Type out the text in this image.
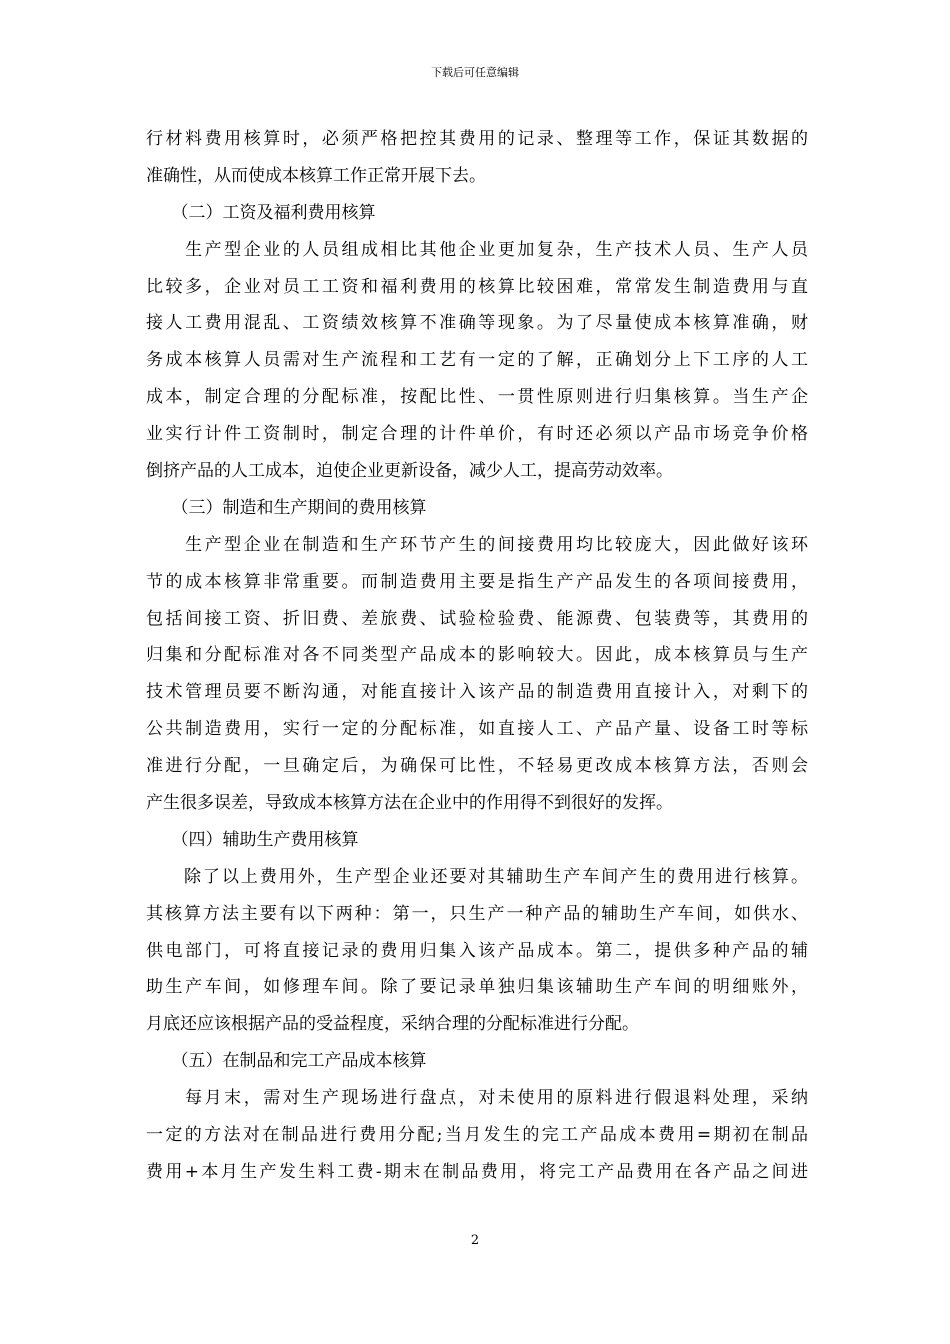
下载后可任意编辑
行材料费用核算时，必须严格把控其费用的记录、整理等工作，保证其数据的
准确性，从而使成本核算工作正常开展下去。
　　（二）工资及福利费用核算
　　生产型企业的人员组成相比其他企业更加复杂，生产技术人员、生产人员
比较多，企业对员工工资和福利费用的核算比较困难，常常发生制造费用与直
接人工费用混乱、工资绩效核算不准确等现象。为了尽量使成本核算准确，财
务成本核算人员需对生产流程和工艺有一定的了解，正确划分上下工序的人工
成本，制定合理的分配标准，按配比性、一贯性原则进行归集核算。当生产企
业实行计件工资制时，制定合理的计件单价，有时还必须以产品市场竞争价格
倒挤产品的人工成本，迫使企业更新设备，减少人工，提高劳动效率。
　　（三）制造和生产期间的费用核算
　　生产型企业在制造和生产环节产生的间接费用均比较庞大，因此做好该环
节的成本核算非常重要。而制造费用主要是指生产产品发生的各项间接费用，
包括间接工资、折旧费、差旅费、试验检验费、能源费、包装费等，其费用的
归集和分配标准对各不同类型产品成本的影响较大。因此，成本核算员与生产
技术管理员要不断沟通，对能直接计入该产品的制造费用直接计入，对剩下的
公共制造费用，实行一定的分配标准，如直接人工、产品产量、设备工时等标
准进行分配，一旦确定后，为确保可比性，不轻易更改成本核算方法，否则会
产生很多误差，导致成本核算方法在企业中的作用得不到很好的发挥。
　　（四）辅助生产费用核算
　　除了以上费用外，生产型企业还要对其辅助生产车间产生的费用进行核算。
其核算方法主要有以下两种：第一，只生产一种产品的辅助生产车间，如供水、
供电部门，可将直接记录的费用归集入该产品成本。第二，提供多种产品的辅
助生产车间，如修理车间。除了要记录单独归集该辅助生产车间的明细账外，
月底还应该根据产品的受益程度，采纳合理的分配标准进行分配。
　　（五）在制品和完工产品成本核算
　　每月末，需对生产现场进行盘点，对未使用的原料进行假退料处理，采纳
一定的方法对在制品进行费用分配;当月发生的完工产品成本费用=期初在制品
费用+本月生产发生料工费-期末在制品费用，将完工产品费用在各产品之间进
2
